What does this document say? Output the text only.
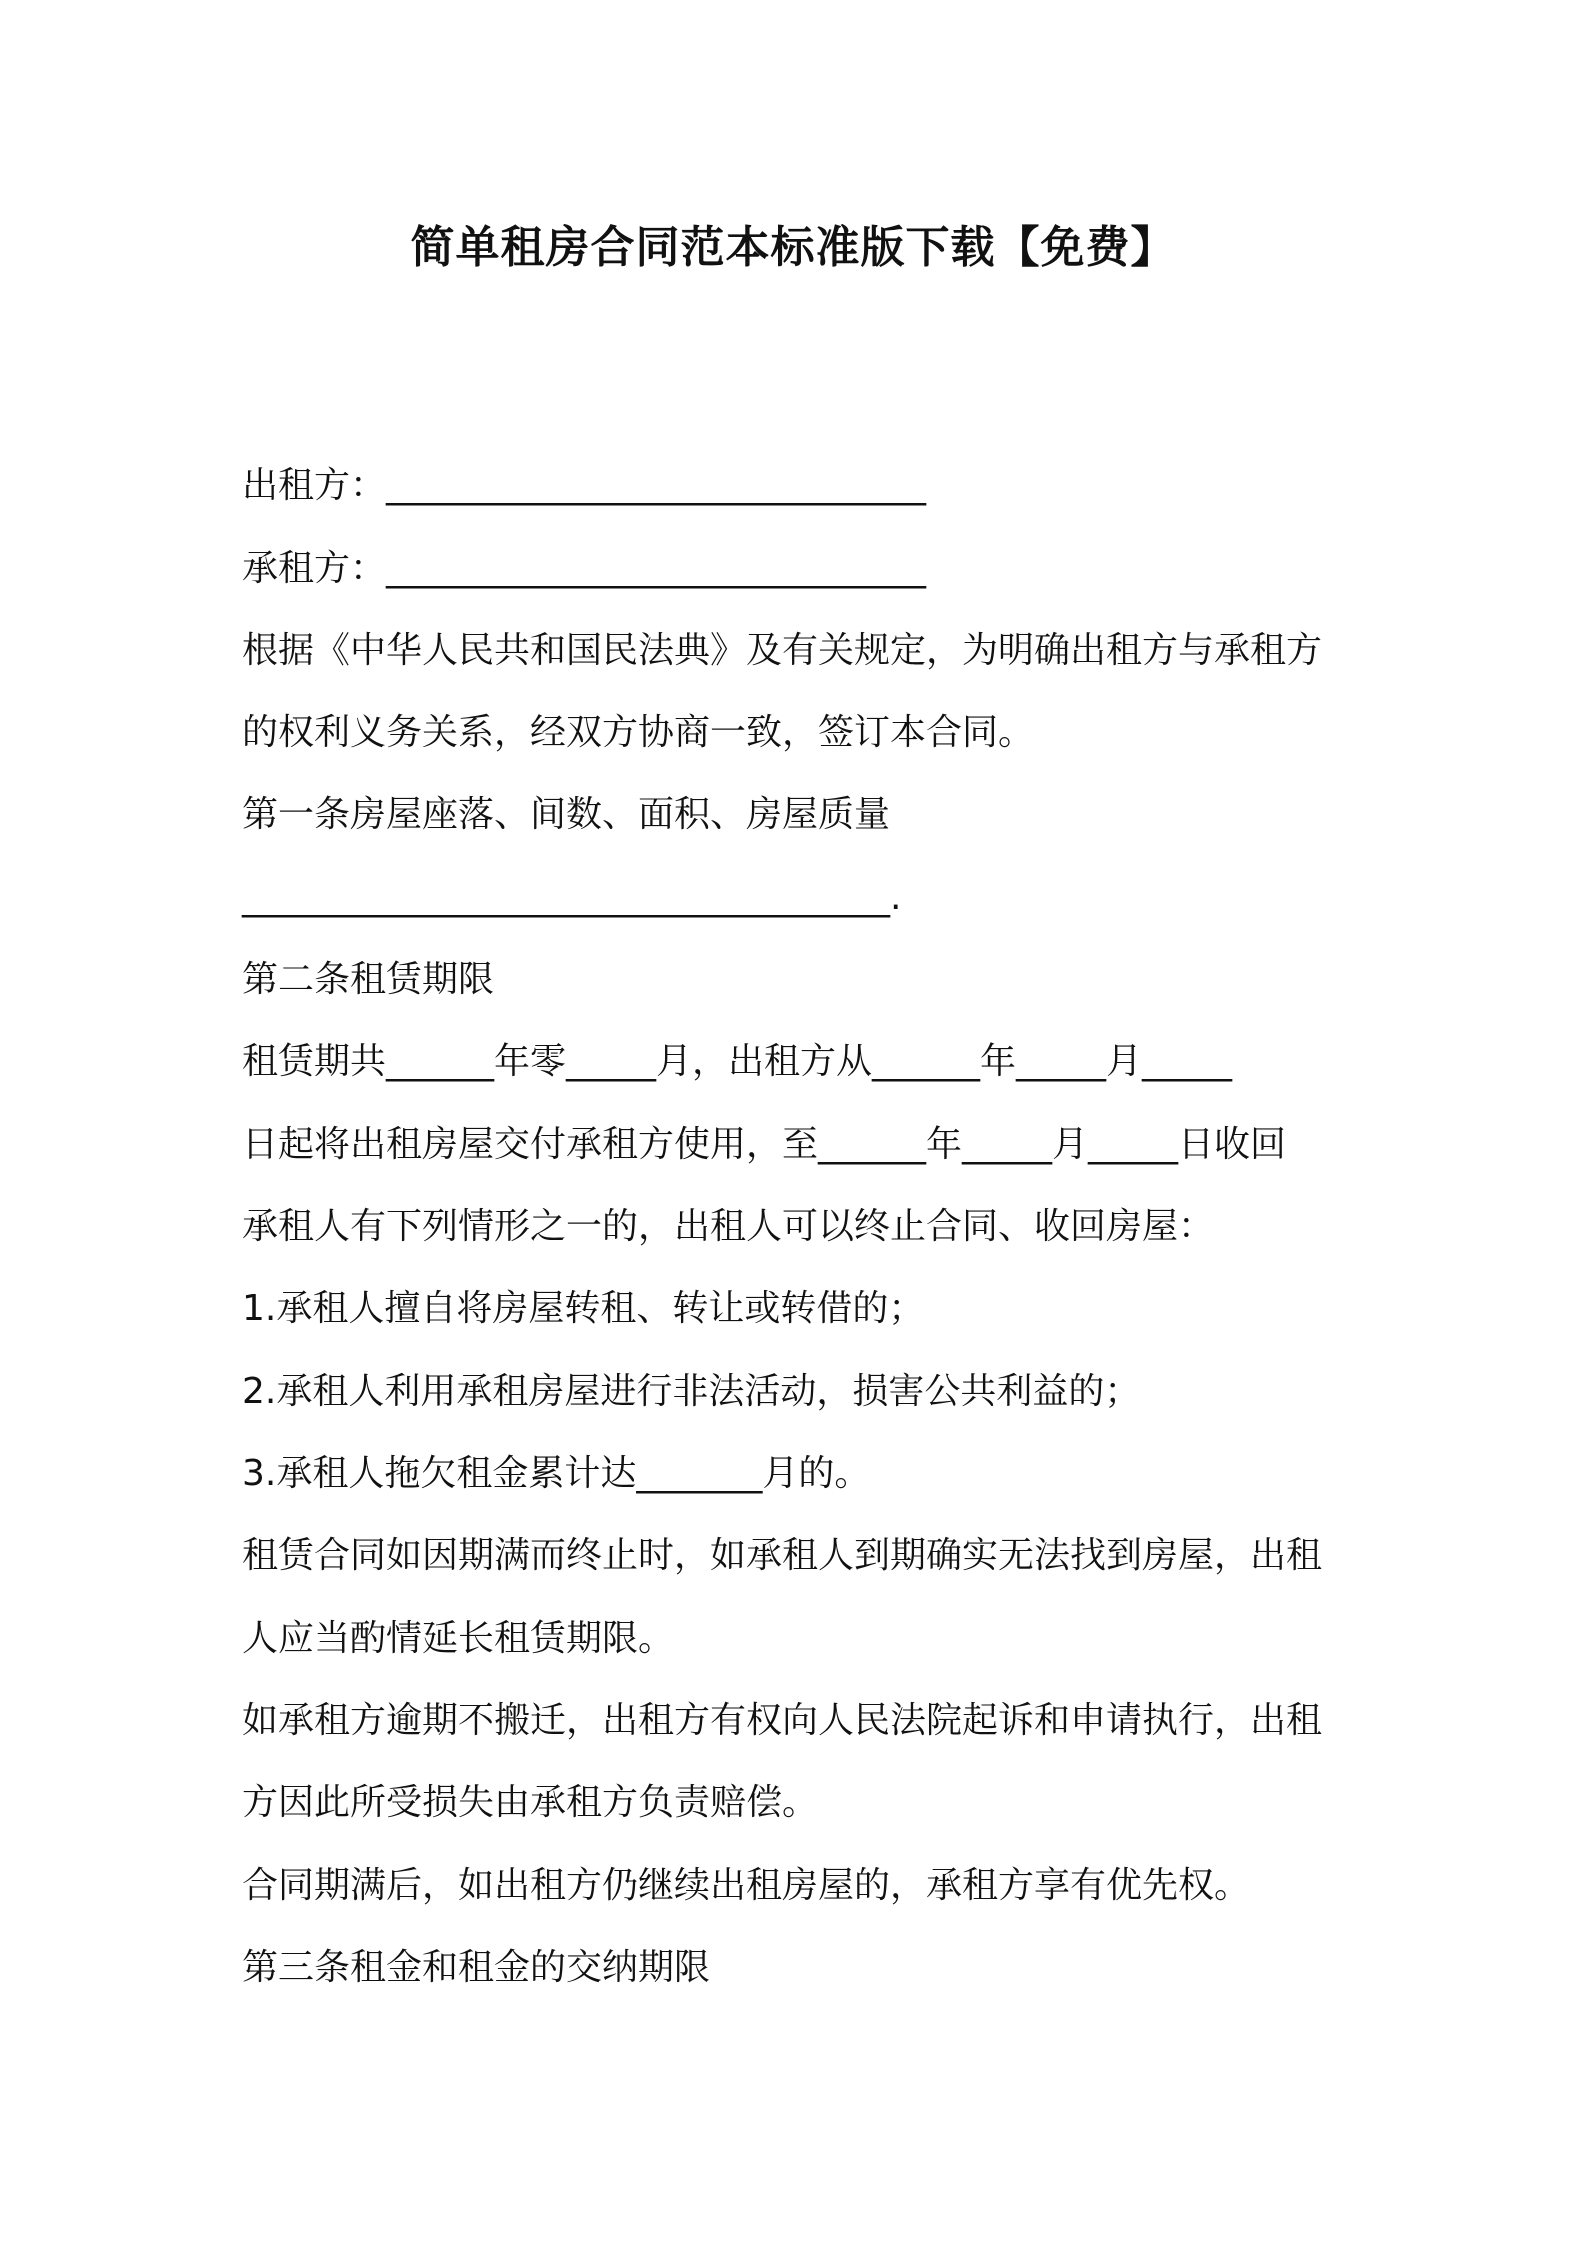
简单租房合同范本标准版下载【免费】
出租方：______________________________
承租方：______________________________
根据《中华人民共和国民法典》及有关规定，为明确出租方与承租方
的权利义务关系，经双方协商一致，签订本合同。
第一条房屋座落、间数、面积、房屋质量
____________________________________.
第二条租赁期限
租赁期共______年零_____月，出租方从______年_____月_____
日起将出租房屋交付承租方使用，至______年_____月_____日收回
承租人有下列情形之一的，出租人可以终止合同、收回房屋：
1.承租人擅自将房屋转租、转让或转借的；
2.承租人利用承租房屋进行非法活动，损害公共利益的；
3.承租人拖欠租金累计达_______月的。
租赁合同如因期满而终止时，如承租人到期确实无法找到房屋，出租
人应当酌情延长租赁期限。
如承租方逾期不搬迁，出租方有权向人民法院起诉和申请执行，出租
方因此所受损失由承租方负责赔偿。
合同期满后，如出租方仍继续出租房屋的，承租方享有优先权。
第三条租金和租金的交纳期限
